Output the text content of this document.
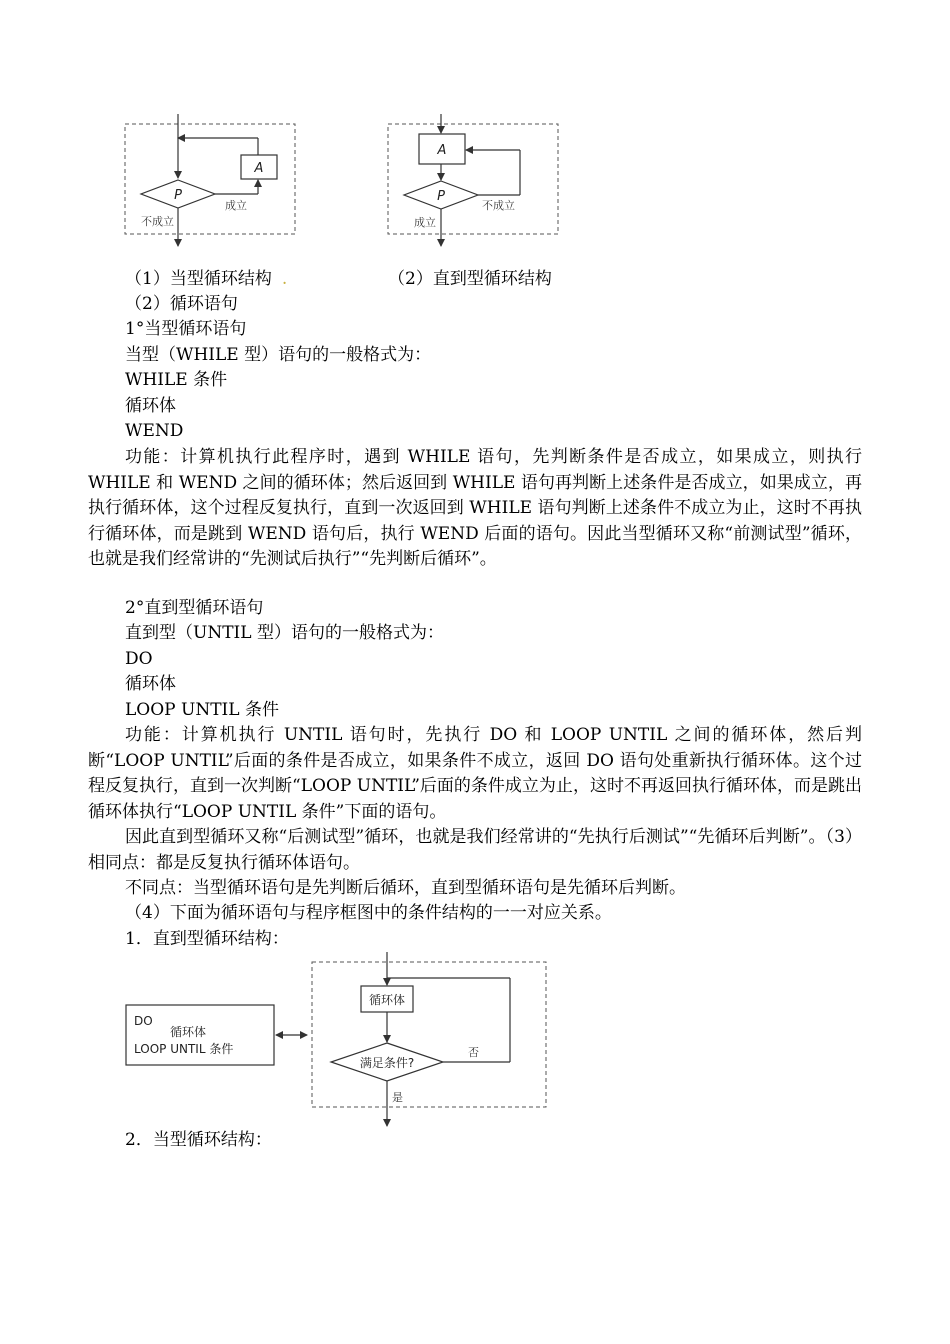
P
A
成立
不成立
A
P
不成立
成立
（1）当型循环结构 .	（2）直到型循环结构
（2）循环语句
1°当型循环语句
当型（WHILE 型）语句的一般格式为：
WHILE 条件
循环体
WEND
功能：计算机执行此程序时，遇到 WHILE 语句，先判断条件是否成立，如果成立，则执行 WHILE 和 WEND 之间的循环体；然后返回到 WHILE 语句再判断上述条件是否成立，如果成立，再执行循环体，这个过程反复执行，直到一次返回到 WHILE 语句判断上述条件不成立为止，这时不再执行循环体，而是跳到 WEND 语句后，执行 WEND 后面的语句。因此当型循环又称“前测试型”循环，也就是我们经常讲的“先测试后执行”“先判断后循环”。
2°直到型循环语句
直到型（UNTIL 型）语句的一般格式为：
DO
循环体
LOOP UNTIL 条件
功能：计算机执行 UNTIL 语句时，先执行 DO 和 LOOP UNTIL 之间的循环体，然后判断“LOOP UNTIL”后面的条件是否成立，如果条件不成立，返回 DO 语句处重新执行循环体。这个过程反复执行，直到一次判断“LOOP UNTIL”后面的条件成立为止，这时不再返回执行循环体，而是跳出循环体执行“LOOP UNTIL 条件”下面的语句。
因此直到型循环又称“后测试型”循环，也就是我们经常讲的“先执行后测试”“先循环后判断”。（3）相同点：都是反复执行循环体语句。
不同点：当型循环语句是先判断后循环，直到型循环语句是先循环后判断。
（4）下面为循环语句与程序框图中的条件结构的一一对应关系。
1．直到型循环结构：
DO
循环体
LOOP UNTIL 条件
循环体
满足条件?
否
是
2．当型循环结构：
